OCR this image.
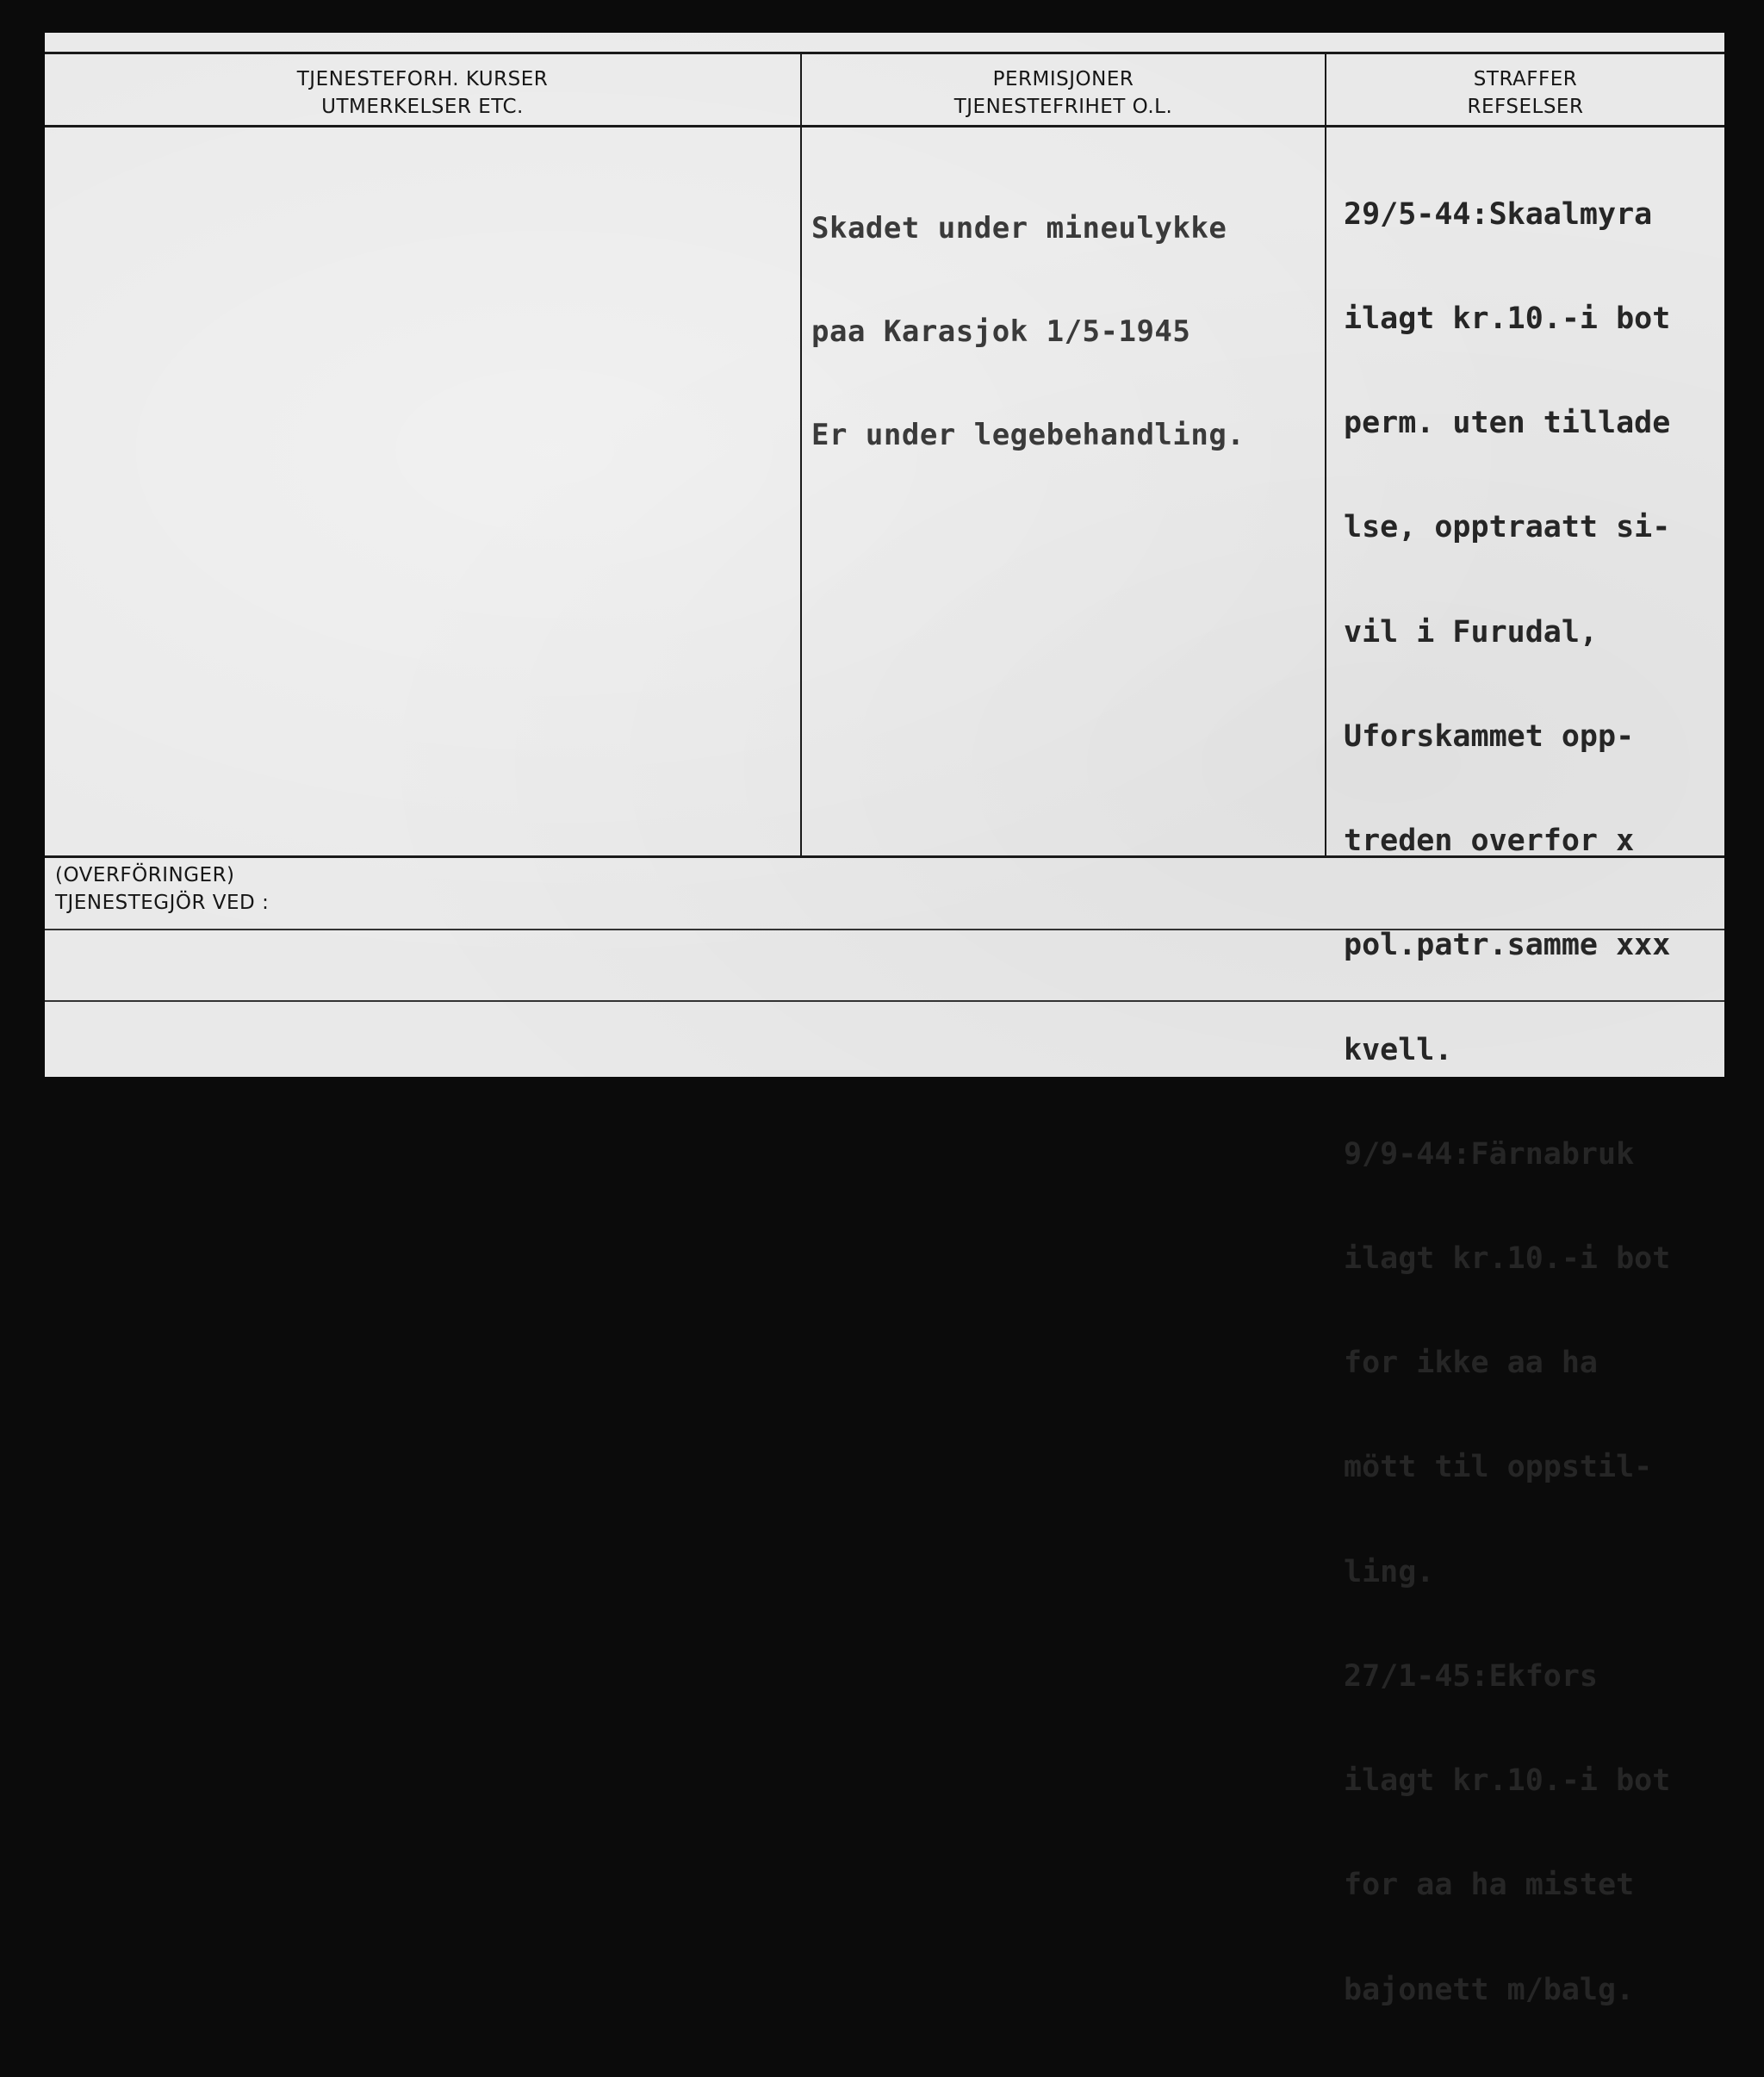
TJENESTEFORH. KURSER
UTMERKELSER ETC.
PERMISJONER
TJENESTEFRIHET O.L.
STRAFFER
REFSELSER

Skadet under mineulykke

paa Karasjok 1/5-1945

Er under legebehandling.

29/5-44:Skaalmyra

ilagt kr.10.-i bot

perm. uten tillade

lse, opptraatt si-

vil i Furudal,

Uforskammet opp-

treden overfor x

pol.patr.samme xxx

kvell.

9/9-44:Färnabruk

ilagt kr.10.-i bot

for ikke aa ha

mött til oppstil-

ling.

27/1-45:Ekfors

ilagt kr.10.-i bot

for aa ha mistet

bajonett m/balg.

(OVERFÖRINGER)
TJENESTEGJÖR VED :
